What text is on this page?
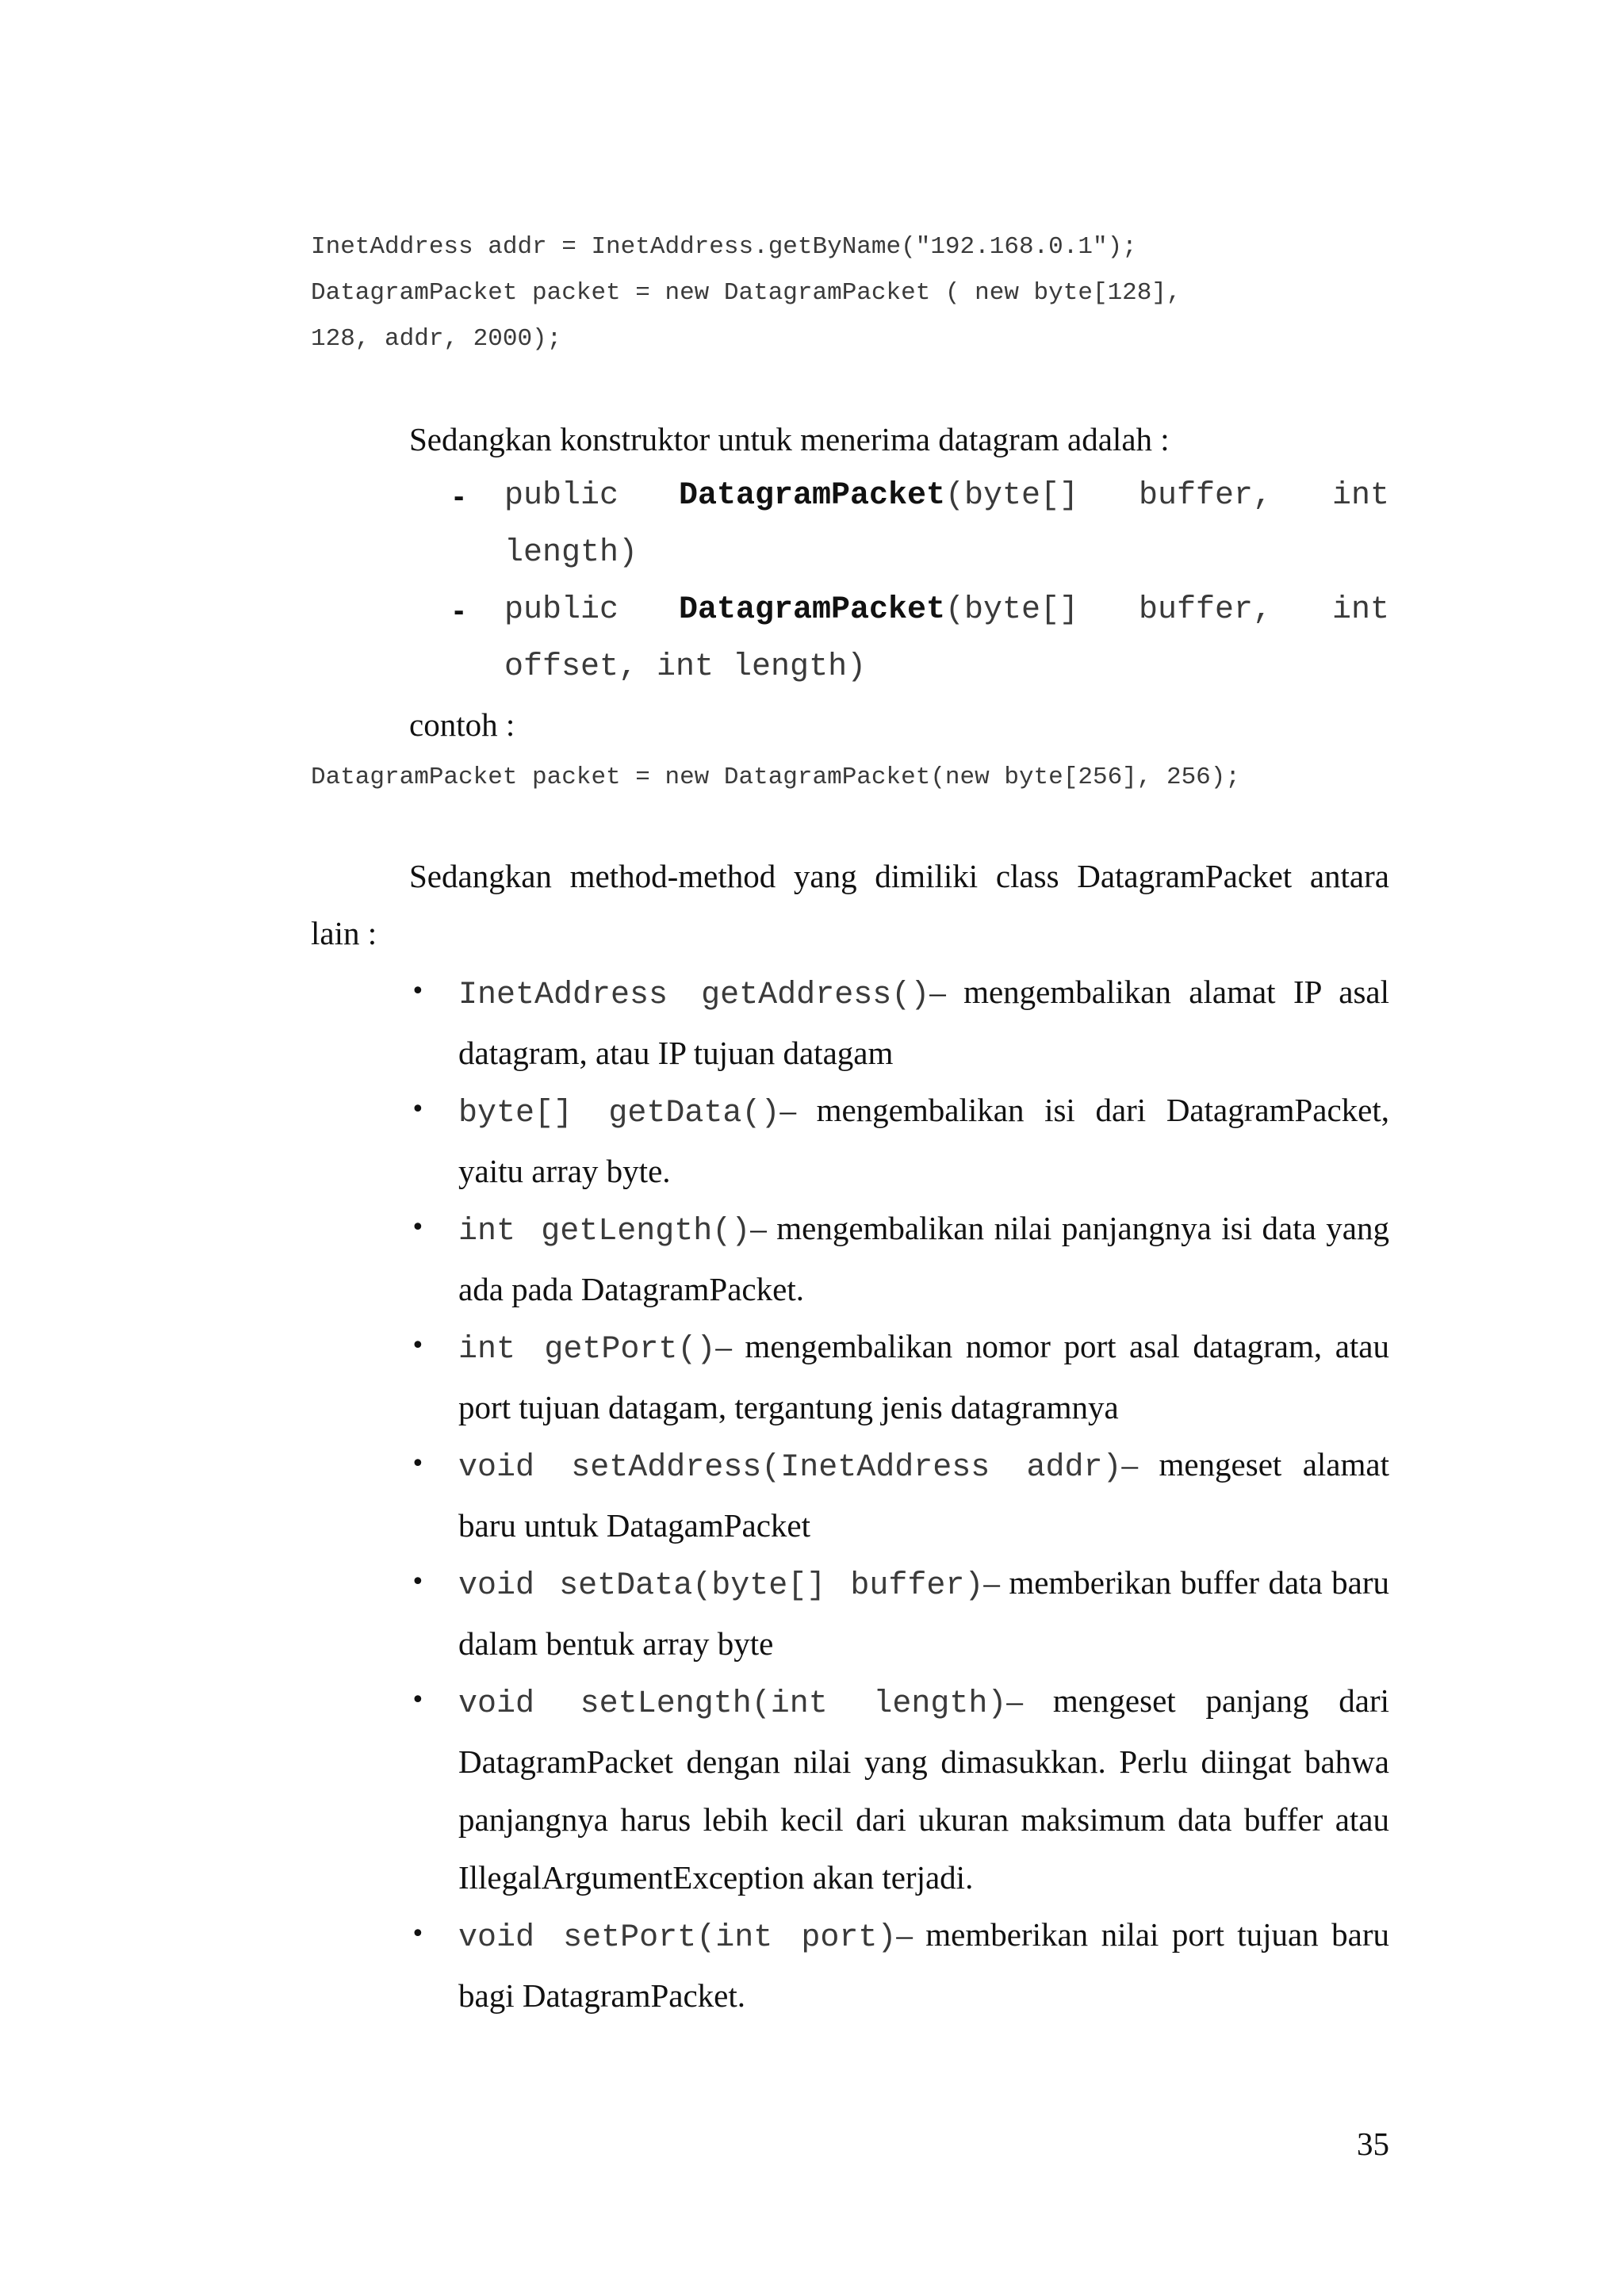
InetAddress addr = InetAddress.getByName("192.168.0.1");
DatagramPacket packet = new DatagramPacket ( new byte[128],
128, addr, 2000);
Sedangkan konstruktor untuk menerima datagram adalah :
- public DatagramPacket(byte[] buffer, int
length)
- public DatagramPacket(byte[] buffer, int
offset, int length)
contoh :
DatagramPacket packet = new DatagramPacket(new byte[256], 256);
Sedangkan method-method yang dimiliki class DatagramPacket antara
lain :
• InetAddress getAddress()– mengembalikan alamat IP asal datagram, atau IP tujuan datagam
• byte[] getData()– mengembalikan isi dari DatagramPacket, yaitu array byte.
• int getLength()– mengembalikan nilai panjangnya isi data yang ada pada DatagramPacket.
• int getPort()– mengembalikan nomor port asal datagram, atau port tujuan datagam, tergantung jenis datagramnya
• void setAddress(InetAddress addr)– mengeset alamat baru untuk DatagamPacket
• void setData(byte[] buffer)– memberikan buffer data baru dalam bentuk array byte
• void setLength(int length)– mengeset panjang dari DatagramPacket dengan nilai yang dimasukkan. Perlu diingat bahwa panjangnya harus lebih kecil dari ukuran maksimum data buffer atau IllegalArgumentException akan terjadi.
• void setPort(int port)– memberikan nilai port tujuan baru bagi DatagramPacket.
35
